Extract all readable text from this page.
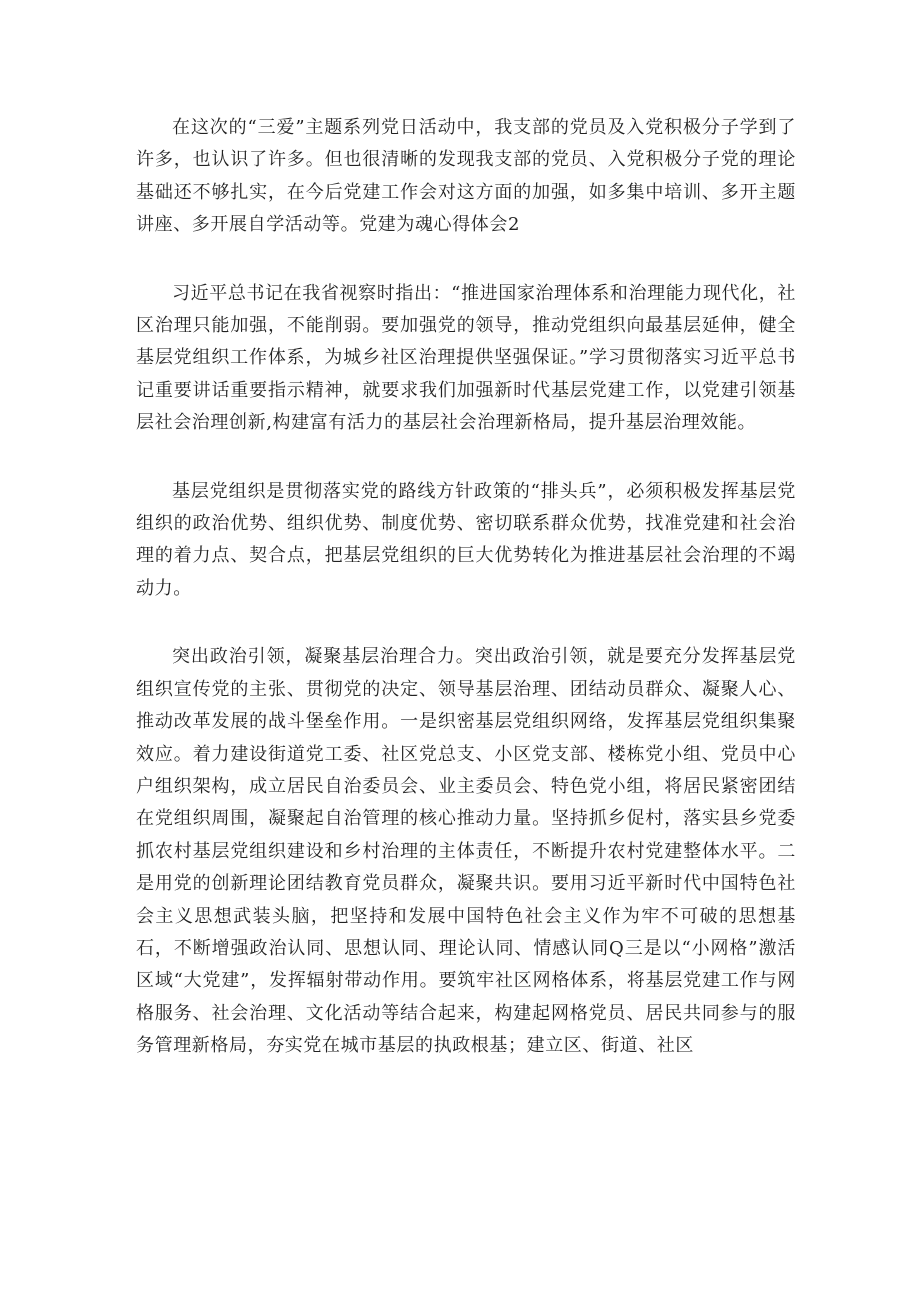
在这次的“三爱”主题系列党日活动中，我支部的党员及入党积极分子学到了许多，也认识了许多。但也很清晰的发现我支部的党员、入党积极分子党的理论基础还不够扎实，在今后党建工作会对这方面的加强，如多集中培训、多开主题讲座、多开展自学活动等。党建为魂心得体会2

习近平总书记在我省视察时指出：“推进国家治理体系和治理能力现代化，社区治理只能加强，不能削弱。要加强党的领导，推动党组织向最基层延伸，健全基层党组织工作体系，为城乡社区治理提供坚强保证。”学习贯彻落实习近平总书记重要讲话重要指示精神，就要求我们加强新时代基层党建工作，以党建引领基层社会治理创新,构建富有活力的基层社会治理新格局，提升基层治理效能。

基层党组织是贯彻落实党的路线方针政策的“排头兵”，必须积极发挥基层党组织的政治优势、组织优势、制度优势、密切联系群众优势，找准党建和社会治理的着力点、契合点，把基层党组织的巨大优势转化为推进基层社会治理的不竭动力。

突出政治引领，凝聚基层治理合力。突出政治引领，就是要充分发挥基层党组织宣传党的主张、贯彻党的决定、领导基层治理、团结动员群众、凝聚人心、推动改革发展的战斗堡垒作用。一是织密基层党组织网络，发挥基层党组织集聚效应。着力建设街道党工委、社区党总支、小区党支部、楼栋党小组、党员中心户组织架构，成立居民自治委员会、业主委员会、特色党小组，将居民紧密团结在党组织周围，凝聚起自治管理的核心推动力量。坚持抓乡促村，落实县乡党委抓农村基层党组织建设和乡村治理的主体责任，不断提升农村党建整体水平。二是用党的创新理论团结教育党员群众，凝聚共识。要用习近平新时代中国特色社会主义思想武装头脑，把坚持和发展中国特色社会主义作为牢不可破的思想基石，不断增强政治认同、思想认同、理论认同、情感认同Q三是以“小网格”激活区域“大党建”，发挥辐射带动作用。要筑牢社区网格体系，将基层党建工作与网格服务、社会治理、文化活动等结合起来，构建起网格党员、居民共同参与的服务管理新格局，夯实党在城市基层的执政根基；建立区、街道、社区
